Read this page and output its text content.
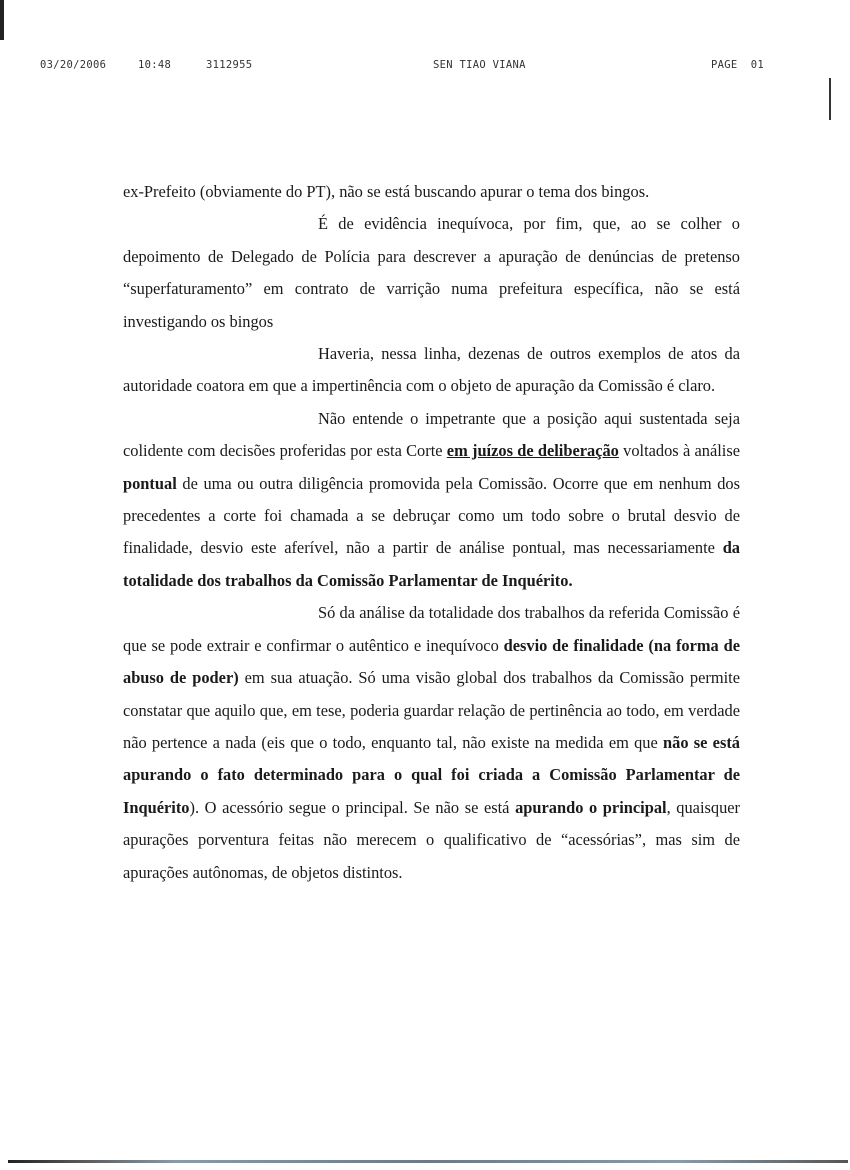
03/20/2006	10:48	3112955	SEN TIAO VIANA	PAGE 01

ex-Prefeito (obviamente do PT), não se está buscando apurar o tema dos bingos.

É de evidência inequívoca, por fim, que, ao se colher o depoimento de Delegado de Polícia para descrever a apuração de denúncias de pretenso “superfaturamento” em contrato de varrição numa prefeitura específica, não se está investigando os bingos

Haveria, nessa linha, dezenas de outros exemplos de atos da autoridade coatora em que a impertinência com o objeto de apuração da Comissão é claro.

Não entende o impetrante que a posição aqui sustentada seja colidente com decisões proferidas por esta Corte em juízos de deliberação voltados à análise pontual de uma ou outra diligência promovida pela Comissão. Ocorre que em nenhum dos precedentes a corte foi chamada a se debruçar como um todo sobre o brutal desvio de finalidade, desvio este aferível, não a partir de análise pontual, mas necessariamente da totalidade dos trabalhos da Comissão Parlamentar de Inquérito.

Só da análise da totalidade dos trabalhos da referida Comissão é que se pode extrair e confirmar o autêntico e inequívoco desvio de finalidade (na forma de abuso de poder) em sua atuação. Só uma visão global dos trabalhos da Comissão permite constatar que aquilo que, em tese, poderia guardar relação de pertinência ao todo, em verdade não pertence a nada (eis que o todo, enquanto tal, não existe na medida em que não se está apurando o fato determinado para o qual foi criada a Comissão Parlamentar de Inquérito). O acessório segue o principal. Se não se está apurando o principal, quaisquer apurações porventura feitas não merecem o qualificativo de “acessórias”, mas sim de apurações autônomas, de objetos distintos.
